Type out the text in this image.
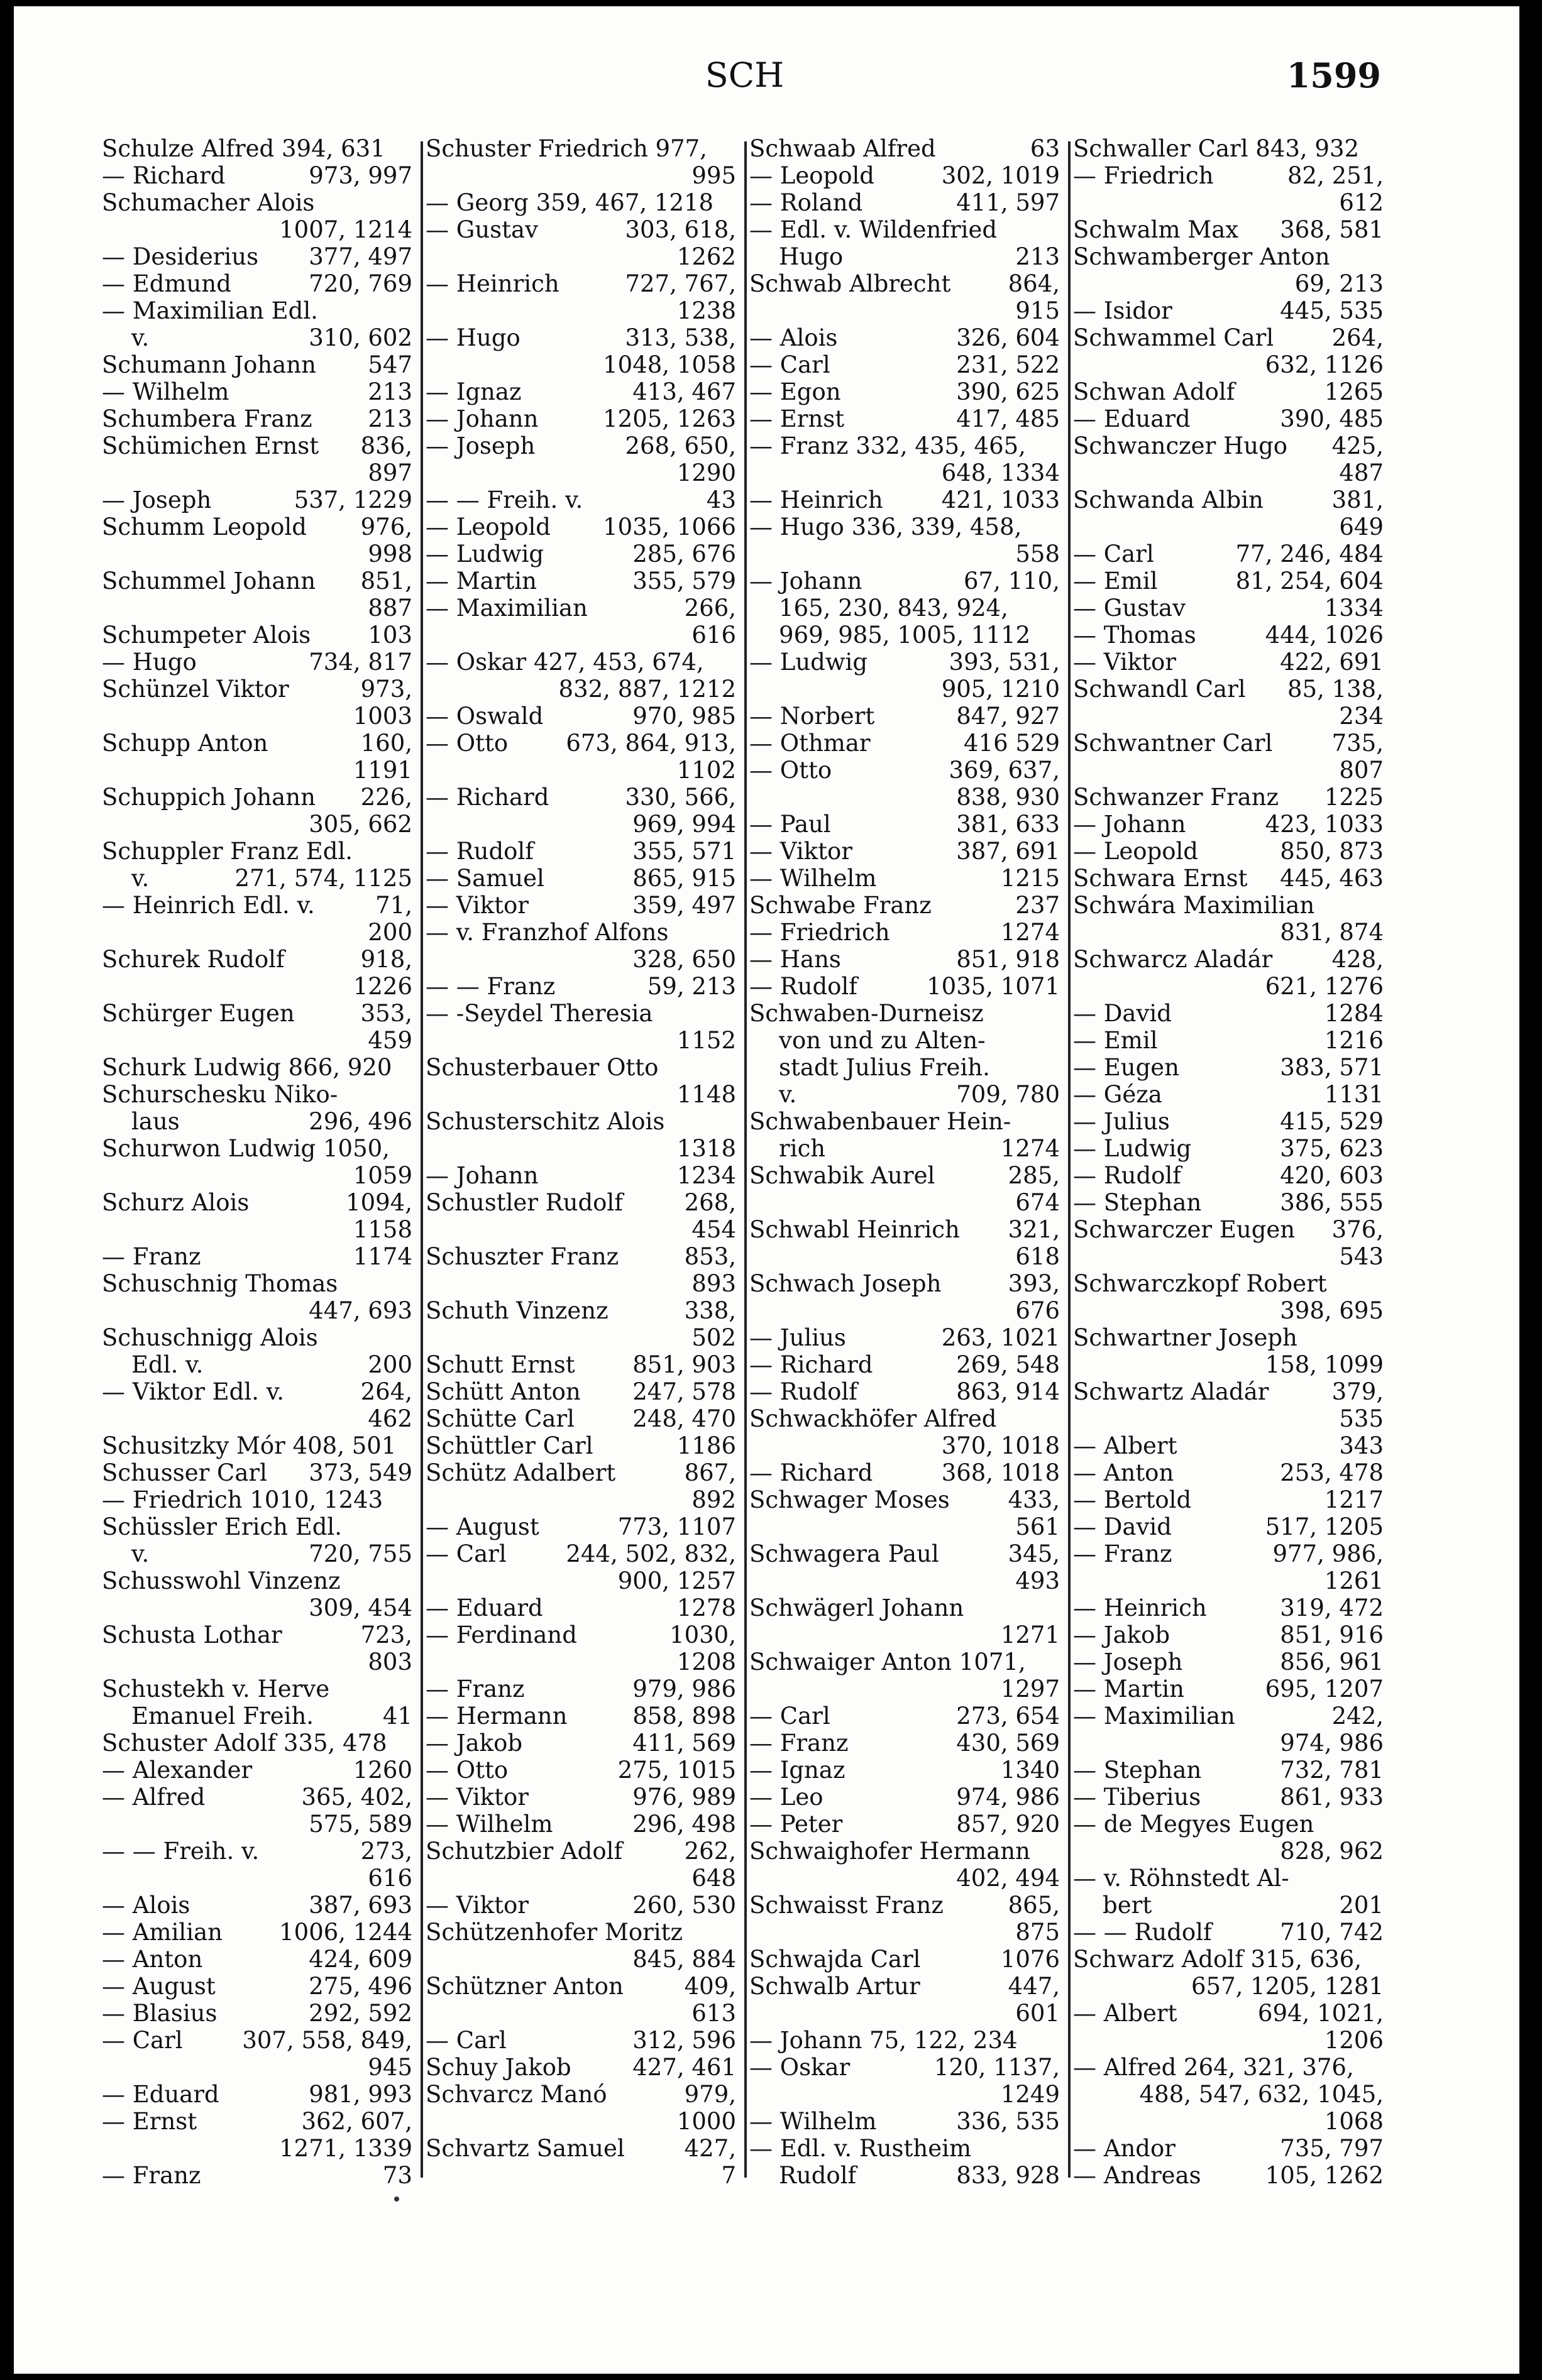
SCH	1599
Schulze Alfred 394, 631
— Richard	973, 997
Schumacher Alois
1007, 1214
— Desiderius	377, 497
— Edmund	720, 769
— Maximilian Edl.
v.	310, 602
Schumann Johann	547
— Wilhelm	213
Schumbera Franz	213
Schümichen Ernst	836,
897
— Joseph	537, 1229
Schumm Leopold	976,
998
Schummel Johann	851,
887
Schumpeter Alois	103
— Hugo	734, 817
Schünzel Viktor	973,
1003
Schupp Anton	160,
1191
Schuppich Johann	226,
305, 662
Schuppler Franz Edl.
v.	271, 574, 1125
— Heinrich Edl. v.	71,
200
Schurek Rudolf	918,
1226
Schürger Eugen	353,
459
Schurk Ludwig 866, 920
Schurschesku Niko-
laus	296, 496
Schurwon Ludwig 1050,
1059
Schurz Alois	1094,
1158
— Franz	1174
Schuschnig Thomas
447, 693
Schuschnigg Alois
Edl. v.	200
— Viktor Edl. v.	264,
462
Schusitzky Mór 408, 501
Schusser Carl	373, 549
— Friedrich 1010, 1243
Schüssler Erich Edl.
v.	720, 755
Schusswohl Vinzenz
309, 454
Schusta Lothar	723,
803
Schustekh v. Herve
Emanuel Freih.	41
Schuster Adolf 335, 478
— Alexander	1260
— Alfred	365, 402,
575, 589
— — Freih. v.	273,
616
— Alois	387, 693
— Amilian	1006, 1244
— Anton	424, 609
— August	275, 496
— Blasius	292, 592
— Carl	307, 558, 849,
945
— Eduard	981, 993
— Ernst	362, 607,
1271, 1339
— Franz	73
Schuster Friedrich 977,
995
— Georg 359, 467, 1218
— Gustav	303, 618,
1262
— Heinrich	727, 767,
1238
— Hugo	313, 538,
1048, 1058
— Ignaz	413, 467
— Johann	1205, 1263
— Joseph	268, 650,
1290
— — Freih. v.	43
— Leopold	1035, 1066
— Ludwig	285, 676
— Martin	355, 579
— Maximilian	266,
616
— Oskar 427, 453, 674,
832, 887, 1212
— Oswald	970, 985
— Otto	673, 864, 913,
1102
— Richard	330, 566,
969, 994
— Rudolf	355, 571
— Samuel	865, 915
— Viktor	359, 497
— v. Franzhof Alfons
328, 650
— — Franz	59, 213
— -Seydel Theresia
1152
Schusterbauer Otto
1148
Schusterschitz Alois
1318
— Johann	1234
Schustler Rudolf	268,
454
Schuszter Franz	853,
893
Schuth Vinzenz	338,
502
Schutt Ernst	851, 903
Schütt Anton	247, 578
Schütte Carl	248, 470
Schüttler Carl	1186
Schütz Adalbert	867,
892
— August	773, 1107
— Carl	244, 502, 832,
900, 1257
— Eduard	1278
— Ferdinand	1030,
1208
— Franz	979, 986
— Hermann	858, 898
— Jakob	411, 569
— Otto	275, 1015
— Viktor	976, 989
— Wilhelm	296, 498
Schutzbier Adolf	262,
648
— Viktor	260, 530
Schützenhofer Moritz
845, 884
Schützner Anton	409,
613
— Carl	312, 596
Schuy Jakob	427, 461
Schvarcz Manó	979,
1000
Schvartz Samuel	427,
7
Schwaab Alfred	63
— Leopold	302, 1019
— Roland	411, 597
— Edl. v. Wildenfried
Hugo	213
Schwab Albrecht	864,
915
— Alois	326, 604
— Carl	231, 522
— Egon	390, 625
— Ernst	417, 485
— Franz 332, 435, 465,
648, 1334
— Heinrich	421, 1033
— Hugo 336, 339, 458,
558
— Johann	67, 110,
165, 230, 843, 924,
969, 985, 1005, 1112
— Ludwig	393, 531,
905, 1210
— Norbert	847, 927
— Othmar	416 529
— Otto	369, 637,
838, 930
— Paul	381, 633
— Viktor	387, 691
— Wilhelm	1215
Schwabe Franz	237
— Friedrich	1274
— Hans	851, 918
— Rudolf	1035, 1071
Schwaben-Durneisz
von und zu Alten-
stadt Julius Freih.
v.	709, 780
Schwabenbauer Hein-
rich	1274
Schwabik Aurel	285,
674
Schwabl Heinrich	321,
618
Schwach Joseph	393,
676
— Julius	263, 1021
— Richard	269, 548
— Rudolf	863, 914
Schwackhöfer Alfred
370, 1018
— Richard	368, 1018
Schwager Moses	433,
561
Schwagera Paul	345,
493
Schwägerl Johann
1271
Schwaiger Anton 1071,
1297
— Carl	273, 654
— Franz	430, 569
— Ignaz	1340
— Leo	974, 986
— Peter	857, 920
Schwaighofer Hermann
402, 494
Schwaisst Franz	865,
875
Schwajda Carl	1076
Schwalb Artur	447,
601
— Johann 75, 122, 234
— Oskar	120, 1137,
1249
— Wilhelm	336, 535
— Edl. v. Rustheim
Rudolf	833, 928
Schwaller Carl 843, 932
— Friedrich	82, 251,
612
Schwalm Max	368, 581
Schwamberger Anton
69, 213
— Isidor	445, 535
Schwammel Carl	264,
632, 1126
Schwan Adolf	1265
— Eduard	390, 485
Schwanczer Hugo	425,
487
Schwanda Albin	381,
649
— Carl	77, 246, 484
— Emil	81, 254, 604
— Gustav	1334
— Thomas	444, 1026
— Viktor	422, 691
Schwandl Carl	85, 138,
234
Schwantner Carl	735,
807
Schwanzer Franz	1225
— Johann	423, 1033
— Leopold	850, 873
Schwara Ernst	445, 463
Schwára Maximilian
831, 874
Schwarcz Aladár	428,
621, 1276
— David	1284
— Emil	1216
— Eugen	383, 571
— Géza	1131
— Julius	415, 529
— Ludwig	375, 623
— Rudolf	420, 603
— Stephan	386, 555
Schwarczer Eugen	376,
543
Schwarczkopf Robert
398, 695
Schwartner Joseph
158, 1099
Schwartz Aladár	379,
535
— Albert	343
— Anton	253, 478
— Bertold	1217
— David	517, 1205
— Franz	977, 986,
1261
— Heinrich	319, 472
— Jakob	851, 916
— Joseph	856, 961
— Martin	695, 1207
— Maximilian	242,
974, 986
— Stephan	732, 781
— Tiberius	861, 933
— de Megyes Eugen
828, 962
— v. Röhnstedt Al-
bert	201
— — Rudolf	710, 742
Schwarz Adolf 315, 636,
657, 1205, 1281
— Albert	694, 1021,
1206
— Alfred 264, 321, 376,
488, 547, 632, 1045,
1068
— Andor	735, 797
— Andreas	105, 1262
